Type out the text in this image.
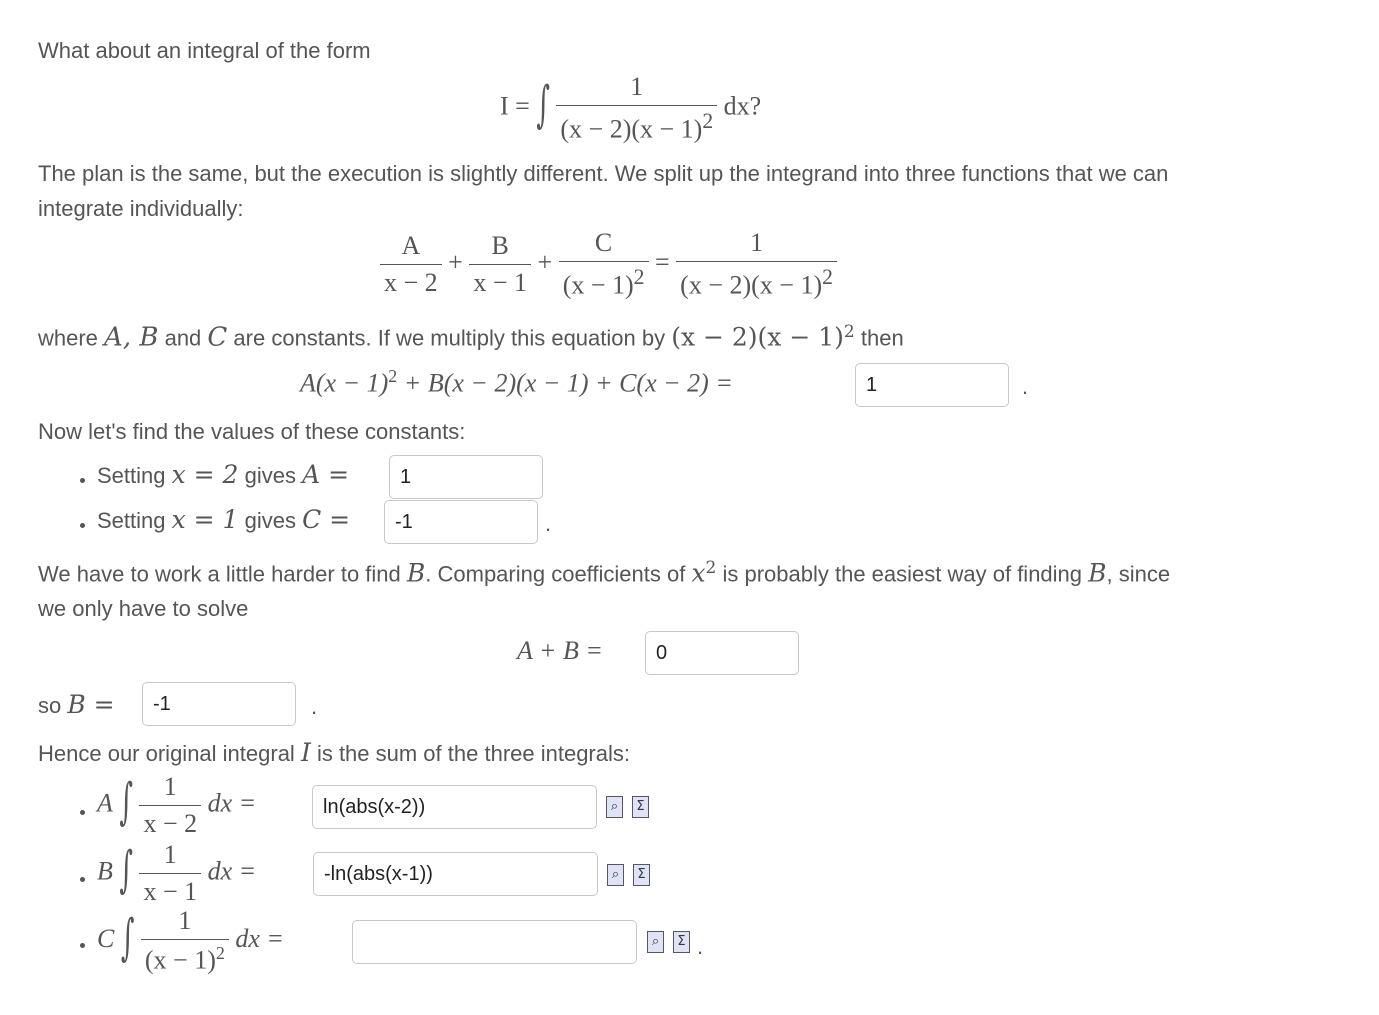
What about an integral of the form
I = ∫ $\frac{1}{(x - 2)(x - 1)^2}$ dx?
The plan is the same, but the execution is slightly different. We split up the integrand into three functions that we can
integrate individually:
$\frac{A}{x - 2} + \frac{B}{x - 1} + \frac{C}{(x - 1)^2} = \frac{1}{(x - 2)(x - 1)^2}$
where A, B and C are constants. If we multiply this equation by $(x - 2)(x - 1)^2$ then
$A(x - 1)^2 + B(x - 2)(x - 1) + C(x - 2)$ =	1	.
Now let's find the values of these constants:
Setting x = 2 gives A =	1
Setting x = 1 gives C =	-1	.
We have to work a little harder to find B. Comparing coefficients of $x^2$ is probably the easiest way of finding B, since
we only have to solve
A + B =	0
so B =	-1	.
Hence our original integral I is the sum of the three integrals:
A ∫ $\frac{1}{x - 2}$ dx =	ln(abs(x-2))	⌕	Σ
B ∫ $\frac{1}{x - 1}$ dx =	-ln(abs(x-1))	⌕	Σ
C ∫ $\frac{1}{(x - 1)^2}$ dx =	⌕	Σ .
